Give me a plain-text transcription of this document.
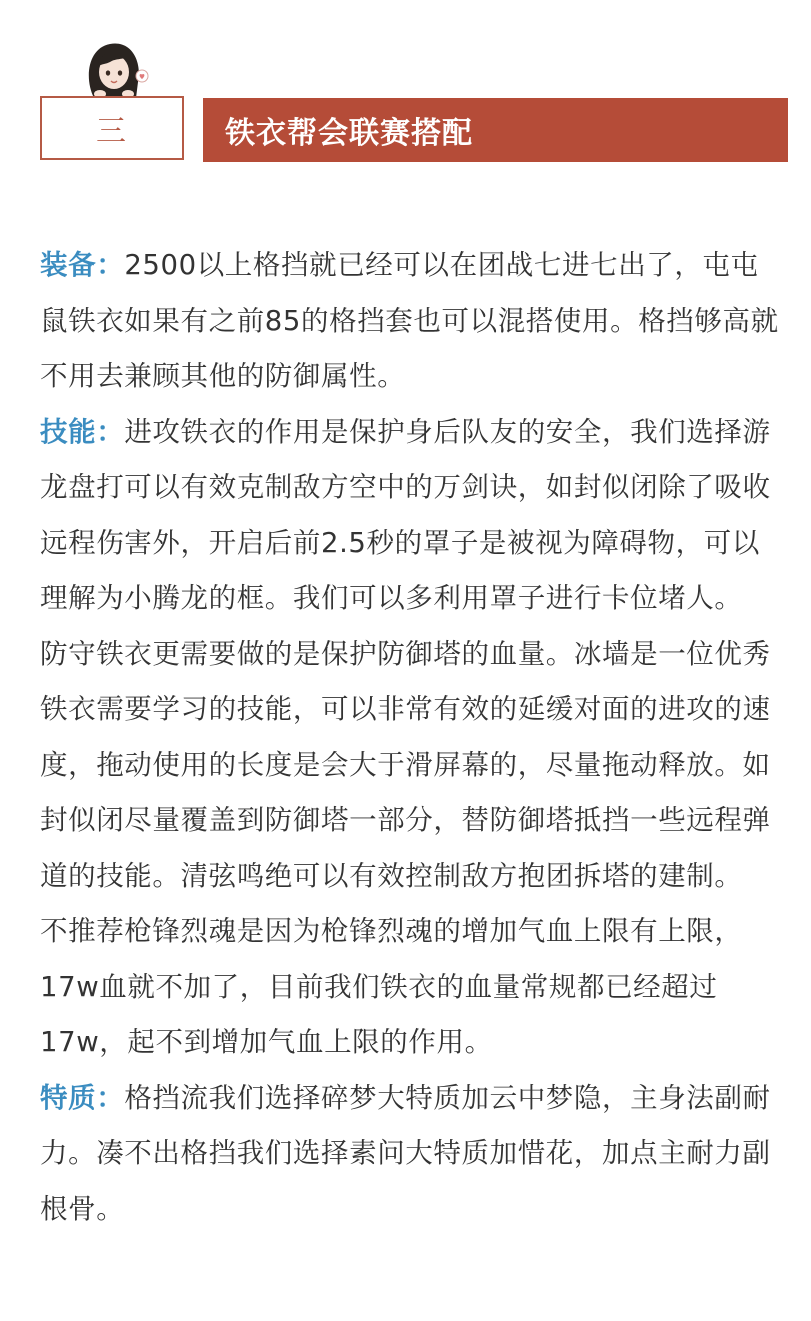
三	铁衣帮会联赛搭配

装备：2500以上格挡就已经可以在团战七进七出了，屯屯鼠铁衣如果有之前85的格挡套也可以混搭使用。格挡够高就不用去兼顾其他的防御属性。

技能：进攻铁衣的作用是保护身后队友的安全，我们选择游龙盘打可以有效克制敌方空中的万剑诀，如封似闭除了吸收远程伤害外，开启后前2.5秒的罩子是被视为障碍物，可以理解为小腾龙的框。我们可以多利用罩子进行卡位堵人。

防守铁衣更需要做的是保护防御塔的血量。冰墙是一位优秀铁衣需要学习的技能，可以非常有效的延缓对面的进攻的速度，拖动使用的长度是会大于滑屏幕的，尽量拖动释放。如封似闭尽量覆盖到防御塔一部分，替防御塔抵挡一些远程弹道的技能。清弦鸣绝可以有效控制敌方抱团拆塔的建制。

不推荐枪锋烈魂是因为枪锋烈魂的增加气血上限有上限，17w血就不加了，目前我们铁衣的血量常规都已经超过17w，起不到增加气血上限的作用。

特质：格挡流我们选择碎梦大特质加云中梦隐，主身法副耐力。凑不出格挡我们选择素问大特质加惜花，加点主耐力副根骨。
